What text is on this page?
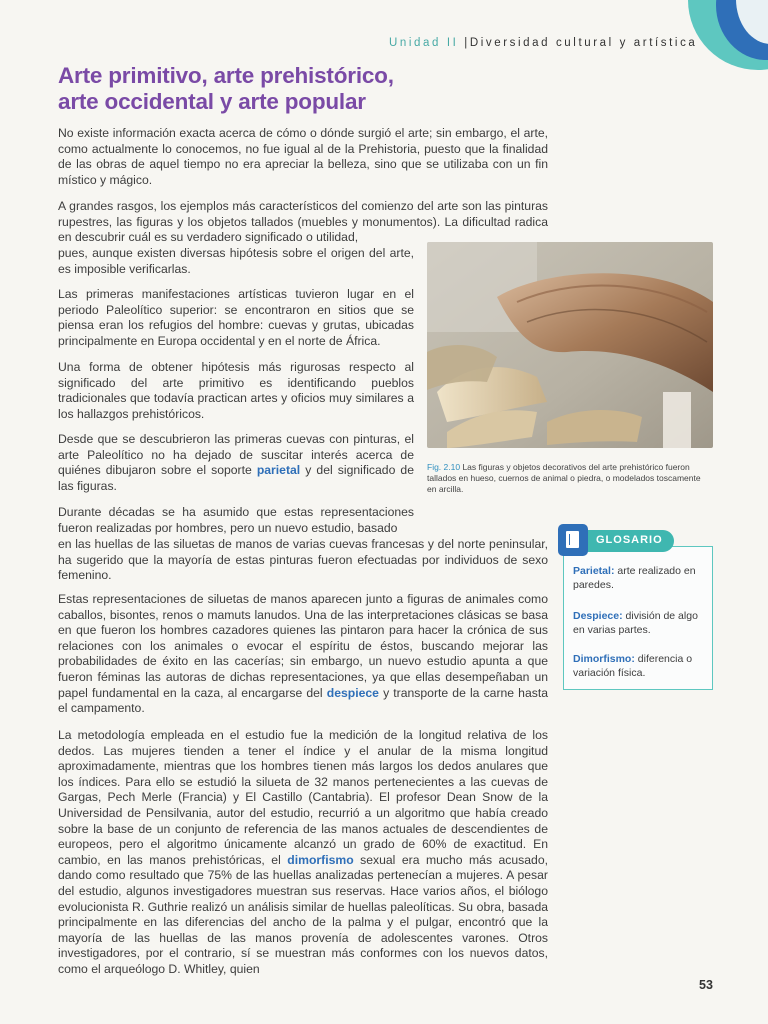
Unidad II |Diversidad cultural y artística
Arte primitivo, arte prehistórico,
arte occidental y arte popular

No existe información exacta acerca de cómo o dónde surgió el arte; sin embargo, el arte, como actualmente lo conocemos, no fue igual al de la Prehistoria, puesto que la finalidad de las obras de aquel tiempo no era apreciar la belleza, sino que se utilizaba con un fin místico y mágico.

A grandes rasgos, los ejemplos más característicos del comienzo del arte son las pinturas rupestres, las figuras y los objetos tallados (muebles y monumentos). La dificultad radica en descubrir cuál es su verdadero significado o utilidad,

pues, aunque existen diversas hipótesis sobre el origen del arte, es imposible verificarlas.

Las primeras manifestaciones artísticas tuvieron lugar en el periodo Paleolítico superior: se encontraron en sitios que se piensa eran los refugios del hombre: cuevas y grutas, ubicadas principalmente en Europa occidental y en el norte de África.

Una forma de obtener hipótesis más rigurosas respecto al significado del arte primitivo es identificando pueblos tradicionales que todavía practican artes y oficios muy similares a los hallazgos prehistóricos.

Desde que se descubrieron las primeras cuevas con pinturas, el arte Paleolítico no ha dejado de suscitar interés acerca de quiénes dibujaron sobre el soporte parietal y del significado de las figuras.

Durante décadas se ha asumido que estas representaciones fueron realizadas por hombres, pero un nuevo estudio, basado

en las huellas de las siluetas de manos de varias cuevas francesas y del norte peninsular, ha sugerido que la mayoría de estas pinturas fueron efectuadas por individuos de sexo femenino.

Estas representaciones de siluetas de manos aparecen junto a figuras de animales como caballos, bisontes, renos o mamuts lanudos. Una de las interpretaciones clásicas se basa en que fueron los hombres cazadores quienes las pintaron para hacer la crónica de sus relaciones con los animales o evocar el espíritu de éstos, buscando mejorar las probabilidades de éxito en las cacerías; sin embargo, un nuevo estudio apunta a que fueron féminas las autoras de dichas representaciones, ya que ellas desempeñaban un papel fundamental en la caza, al encargarse del despiece y transporte de la carne hasta el campamento.

La metodología empleada en el estudio fue la medición de la longitud relativa de los dedos. Las mujeres tienden a tener el índice y el anular de la misma longitud aproximadamente, mientras que los hombres tienen más largos los dedos anulares que los índices. Para ello se estudió la silueta de 32 manos pertenecientes a las cuevas de Gargas, Pech Merle (Francia) y El Castillo (Cantabria). El profesor Dean Snow de la Universidad de Pensilvania, autor del estudio, recurrió a un algoritmo que había creado sobre la base de un conjunto de referencia de las manos actuales de descendientes de europeos, pero el algoritmo únicamente alcanzó un grado de 60% de exactitud. En cambio, en las manos prehistóricas, el dimorfismo sexual era mucho más acusado, dando como resultado que 75% de las huellas analizadas pertenecían a mujeres. A pesar del estudio, algunos investigadores muestran sus reservas. Hace varios años, el biólogo evolucionista R. Guthrie realizó un análisis similar de huellas paleolíticas. Su obra, basada principalmente en las diferencias del ancho de la palma y el pulgar, encontró que la mayoría de las huellas de las manos provenía de adolescentes varones. Otros investigadores, por el contrario, sí se muestran más conformes con los nuevos datos, como el arqueólogo D. Whitley, quien

Fig. 2.10 Las figuras y objetos decorativos del arte prehistórico fueron tallados en hueso, cuernos de animal o piedra, o modelados toscamente en arcilla.

GLOSARIO

Parietal: arte realizado en paredes.

Despiece: división de algo en varias partes.

Dimorfismo: diferencia o variación física.

53
